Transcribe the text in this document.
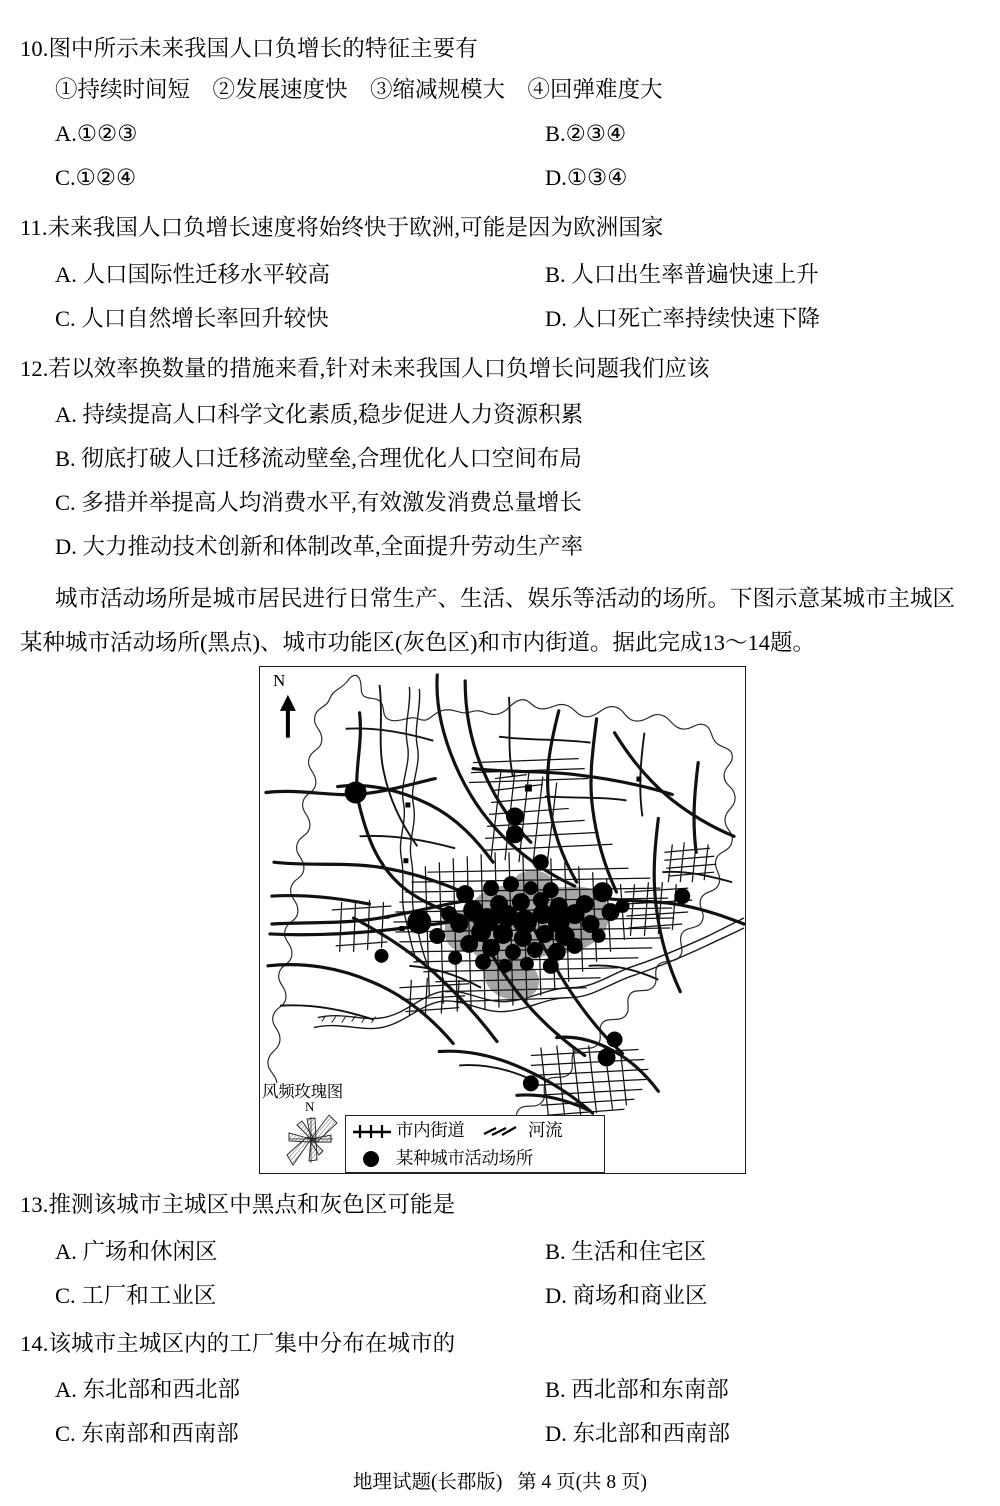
10.图中所示未来我国人口负增长的特征主要有
①持续时间短　②发展速度快　③缩减规模大　④回弹难度大
A.①②③	B.②③④
C.①②④	D.①③④
11.未来我国人口负增长速度将始终快于欧洲,可能是因为欧洲国家
A. 人口国际性迁移水平较高	B. 人口出生率普遍快速上升
C. 人口自然增长率回升较快	D. 人口死亡率持续快速下降
12.若以效率换数量的措施来看,针对未来我国人口负增长问题我们应该
A. 持续提高人口科学文化素质,稳步促进人力资源积累
B. 彻底打破人口迁移流动壁垒,合理优化人口空间布局
C. 多措并举提高人均消费水平,有效激发消费总量增长
D. 大力推动技术创新和体制改革,全面提升劳动生产率
城市活动场所是城市居民进行日常生产、生活、娱乐等活动的场所。下图示意某城市主城区
某种城市活动场所(黑点)、城市功能区(灰色区)和市内街道。据此完成13～14题。
N
风频玫瑰图
N
市内街道	河流
某种城市活动场所
13.推测该城市主城区中黑点和灰色区可能是
A. 广场和休闲区	B. 生活和住宅区
C. 工厂和工业区	D. 商场和商业区
14.该城市主城区内的工厂集中分布在城市的
A. 东北部和西北部	B. 西北部和东南部
C. 东南部和西南部	D. 东北部和西南部
地理试题(长郡版) 第 4 页(共 8 页)
